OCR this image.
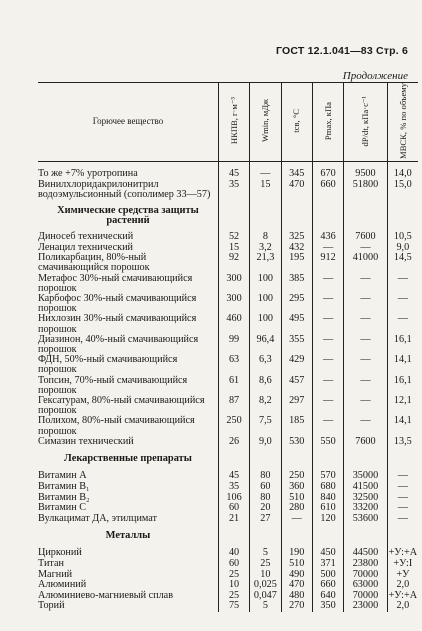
ГОСТ 12.1.041—83 Стр. 6
Продолжение
Горючее вещество	НКПВ, г·м⁻³	Wmin, мДж	tсв, °C	Pmax, кПа	dP/dt, кПа·с⁻¹	МВСК, % по объему

То же +7% уротропина	45	—	345	670	9500	14,0
Винилхлоридакрилонитрил водоэмульсионный (сополимер 33—57)	35	15	470	660	51800	15,0
Химические средства защиты растений						
Диносеб технический	52	8	325	436	7600	10,5
Ленацил технический	15	3,2	432	—	—	9,0
Поликарбацин, 80%-ный смачивающийся порошок	92	21,3	195	912	41000	14,5
Метафос 30%-ный смачивающийся порошок	300	100	385	—	—	—
Карбофос 30%-ный смачивающийся порошок	300	100	295	—	—	—
Нихлозин 30%-ный смачивающийся порошок	460	100	495	—	—	—
Диазинон, 40%-ный смачивающийся порошок	99	96,4	355	—	—	16,1
ФДН, 50%-ный смачивающийся порошок	63	6,3	429	—	—	14,1
Топсин, 70%-ный смачивающийся порошок	61	8,6	457	—	—	16,1
Гексатурам, 80%-ный смачивающийся порошок	87	8,2	297	—	—	12,1
Полихом, 80%-ный смачивающийся порошок	250	7,5	185	—	—	14,1
Симазин технический	26	9,0	530	550	7600	13,5
Лекарственные препараты						
Витамин А	45	80	250	570	35000	—
Витамин В₁	35	60	360	680	41500	—
Витамин В₂	106	80	510	840	32500	—
Витамин С	60	20	280	610	33200	—
Вулкацимат ДА, этилцимат	21	27	—	120	53600	—
Металлы						
Цирконий	40	5	190	450	44500	+У:+А
Титан	60	25	510	371	23800	+У:I
Магний	25	10	490	500	70000	+У
Алюминий	10	0,025	470	660	63000	2,0
Алюминиево-магниевый сплав	25	0,047	480	640	70000	+У:+А
Торий	75	5	270	350	23000	2,0
